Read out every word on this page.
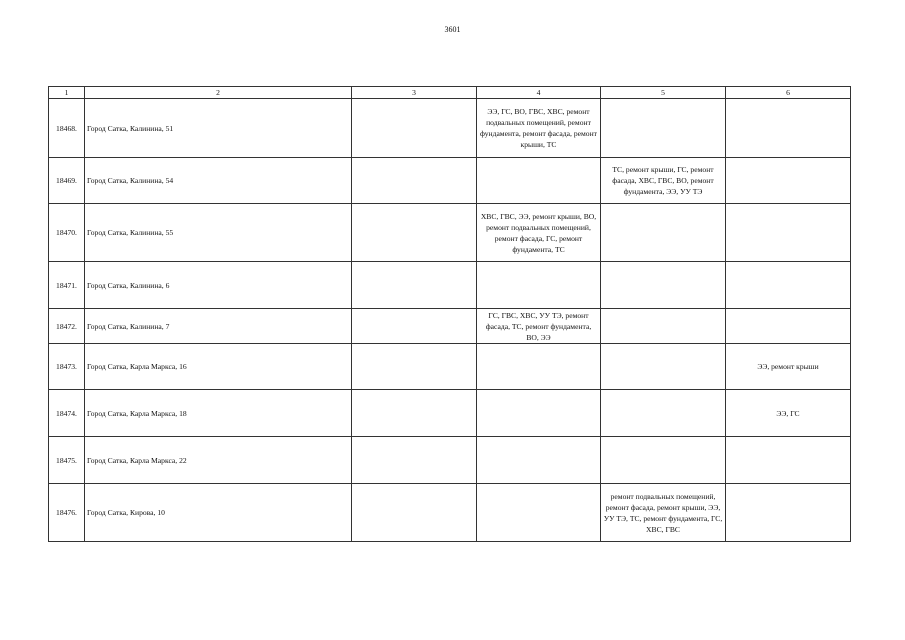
3601
1	2	3	4	5	6
18468.	Город Сатка, Калинина, 51		ЭЭ, ГС, ВО, ГВС, ХВС, ремонт подвальных помещений, ремонт фундамента, ремонт фасада, ремонт крыши, ТС		
18469.	Город Сатка, Калинина, 54			ТС, ремонт крыши, ГС, ремонт фасада, ХВС, ГВС, ВО, ремонт фундамента, ЭЭ, УУ ТЭ	
18470.	Город Сатка, Калинина, 55		ХВС, ГВС, ЭЭ, ремонт крыши, ВО, ремонт подвальных помещений, ремонт фасада, ГС, ремонт фундамента, ТС		
18471.	Город Сатка, Калинина, 6				
18472.	Город Сатка, Калинина, 7		ГС, ГВС, ХВС, УУ ТЭ, ремонт фасада, ТС, ремонт фундамента, ВО, ЭЭ		
18473.	Город Сатка, Карла Маркса, 16				ЭЭ, ремонт крыши
18474.	Город Сатка, Карла Маркса, 18				ЭЭ, ГС
18475.	Город Сатка, Карла Маркса, 22				
18476.	Город Сатка, Кирова, 10			ремонт подвальных помещений, ремонт фасада, ремонт крыши, ЭЭ, УУ ТЭ, ТС, ремонт фундамента, ГС, ХВС, ГВС	
